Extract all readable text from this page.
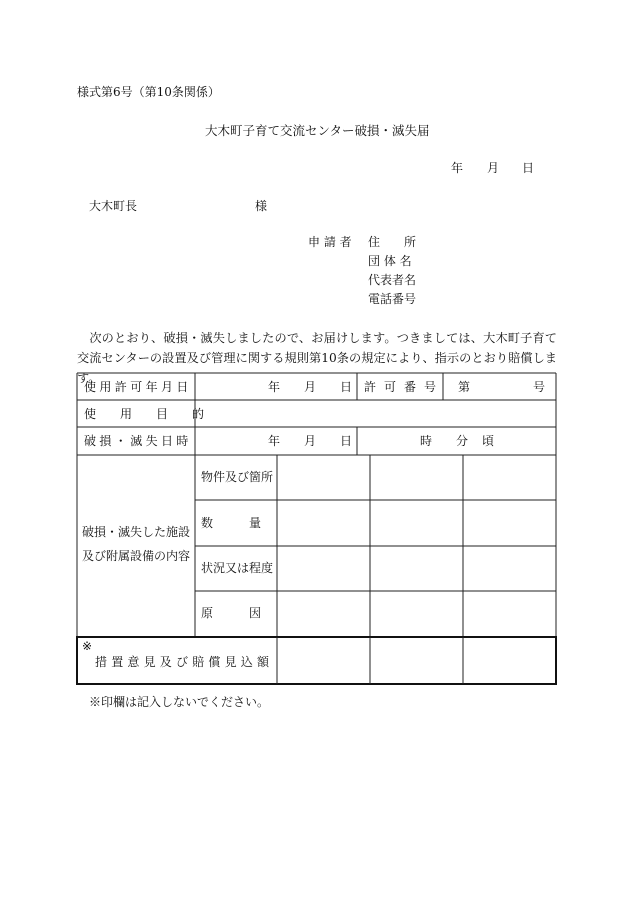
様式第6号（第10条関係）
大木町子育て交流センター破損・滅失届
年 月 日
大木町長	様
申 請 者 住　　所
団 体 名
代表者名
電話番号
　次のとおり、破損・滅失しましたので、お届けします。つきましては、大木町子育て交流センターの設置及び管理に関する規則第10条の規定により、指示のとおり賠償します。
使用許可年月日	年 月 日 許可番号 第	号
使用目的
破損・滅失日時	年 月 日	時 分 頃
破損・滅失した施設
及び附属設備の内容
物件及び箇所
数　　　量
状況又は程度
原　　　因
※
措置意見及び賠償見込額
※印欄は記入しないでください。
